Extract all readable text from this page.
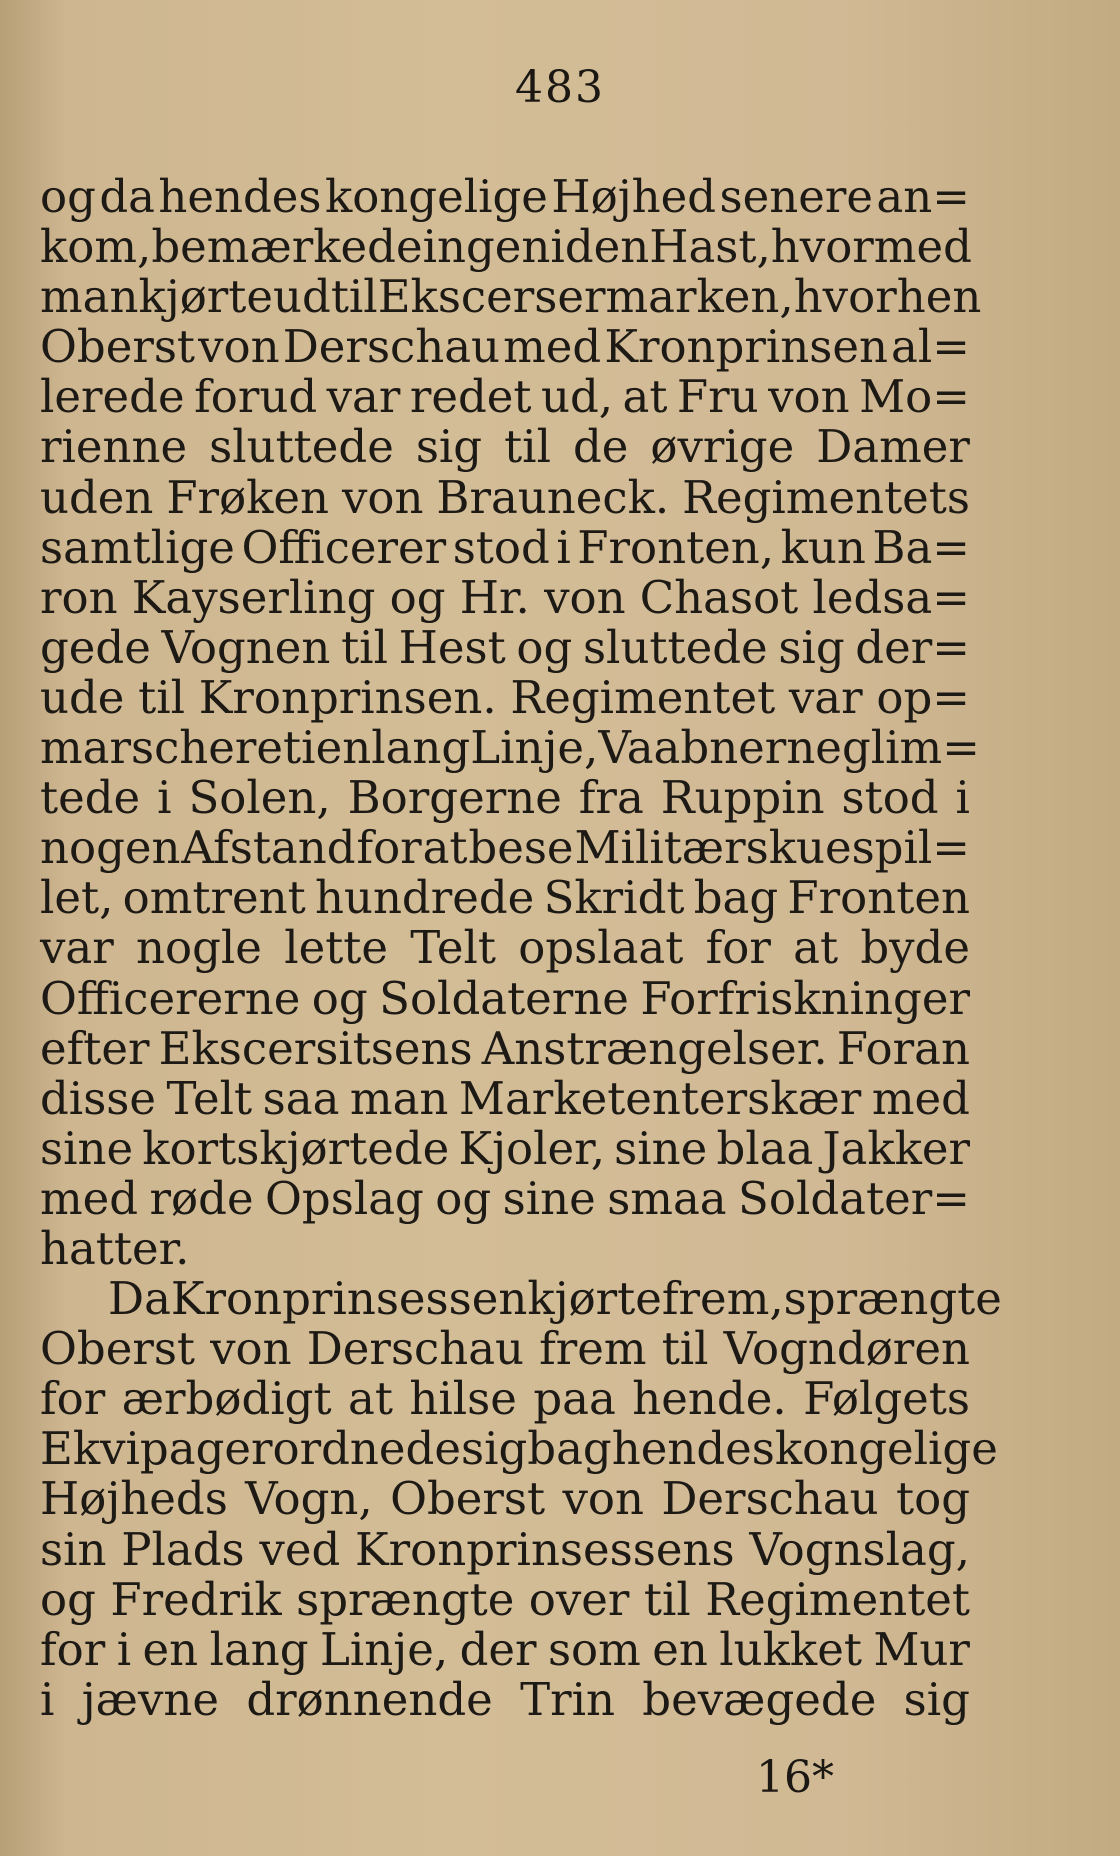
483
og da hendes kongelige Højhed senere an=
kom, bemærkede ingen i den Hast, hvormed
man kjørte ud til Ekscersermarken, hvorhen
Oberst von Derschau med Kronprinsen al=
lerede forud var redet ud, at Fru von Mo=
rienne sluttede sig til de øvrige Damer
uden Frøken von Brauneck. Regimentets
samtlige Officerer stod i Fronten, kun Ba=
ron Kayserling og Hr. von Chasot ledsa=
gede Vognen til Hest og sluttede sig der=
ude til Kronprinsen. Regimentet var op=
marscheret i en lang Linje, Vaabnerne glim=
tede i Solen, Borgerne fra Ruppin stod i
nogen Afstand for at bese Militærskuespil=
let, omtrent hundrede Skridt bag Fronten
var nogle lette Telt opslaat for at byde
Officererne og Soldaterne Forfriskninger
efter Ekscersitsens Anstrængelser. Foran
disse Telt saa man Marketenterskær med
sine kortskjørtede Kjoler, sine blaa Jakker
med røde Opslag og sine smaa Soldater=
hatter.
Da Kronprinsessen kjørte frem, sprængte
Oberst von Derschau frem til Vogndøren
for ærbødigt at hilse paa hende. Følgets
Ekvipager ordnede sig bag hendes kongelige
Højheds Vogn, Oberst von Derschau tog
sin Plads ved Kronprinsessens Vognslag,
og Fredrik sprængte over til Regimentet
for i en lang Linje, der som en lukket Mur
i jævne drønnende Trin bevægede sig
16*
